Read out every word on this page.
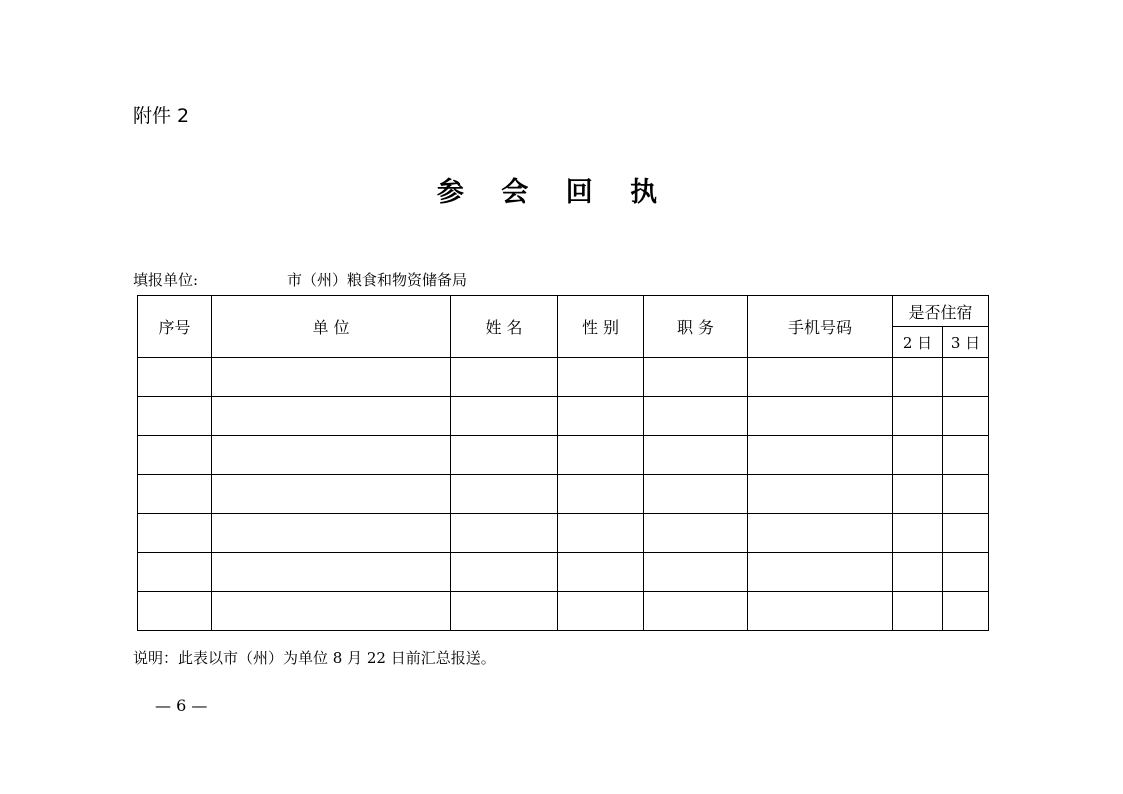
附件 2
参 会 回 执
填报单位:	市（州）粮食和物资储备局
序号	单 位	姓 名	性 别	职 务	手机号码	是否住宿	
						2 日	3 日

说明：此表以市（州）为单位 8 月 22 日前汇总报送。
— 6 —
